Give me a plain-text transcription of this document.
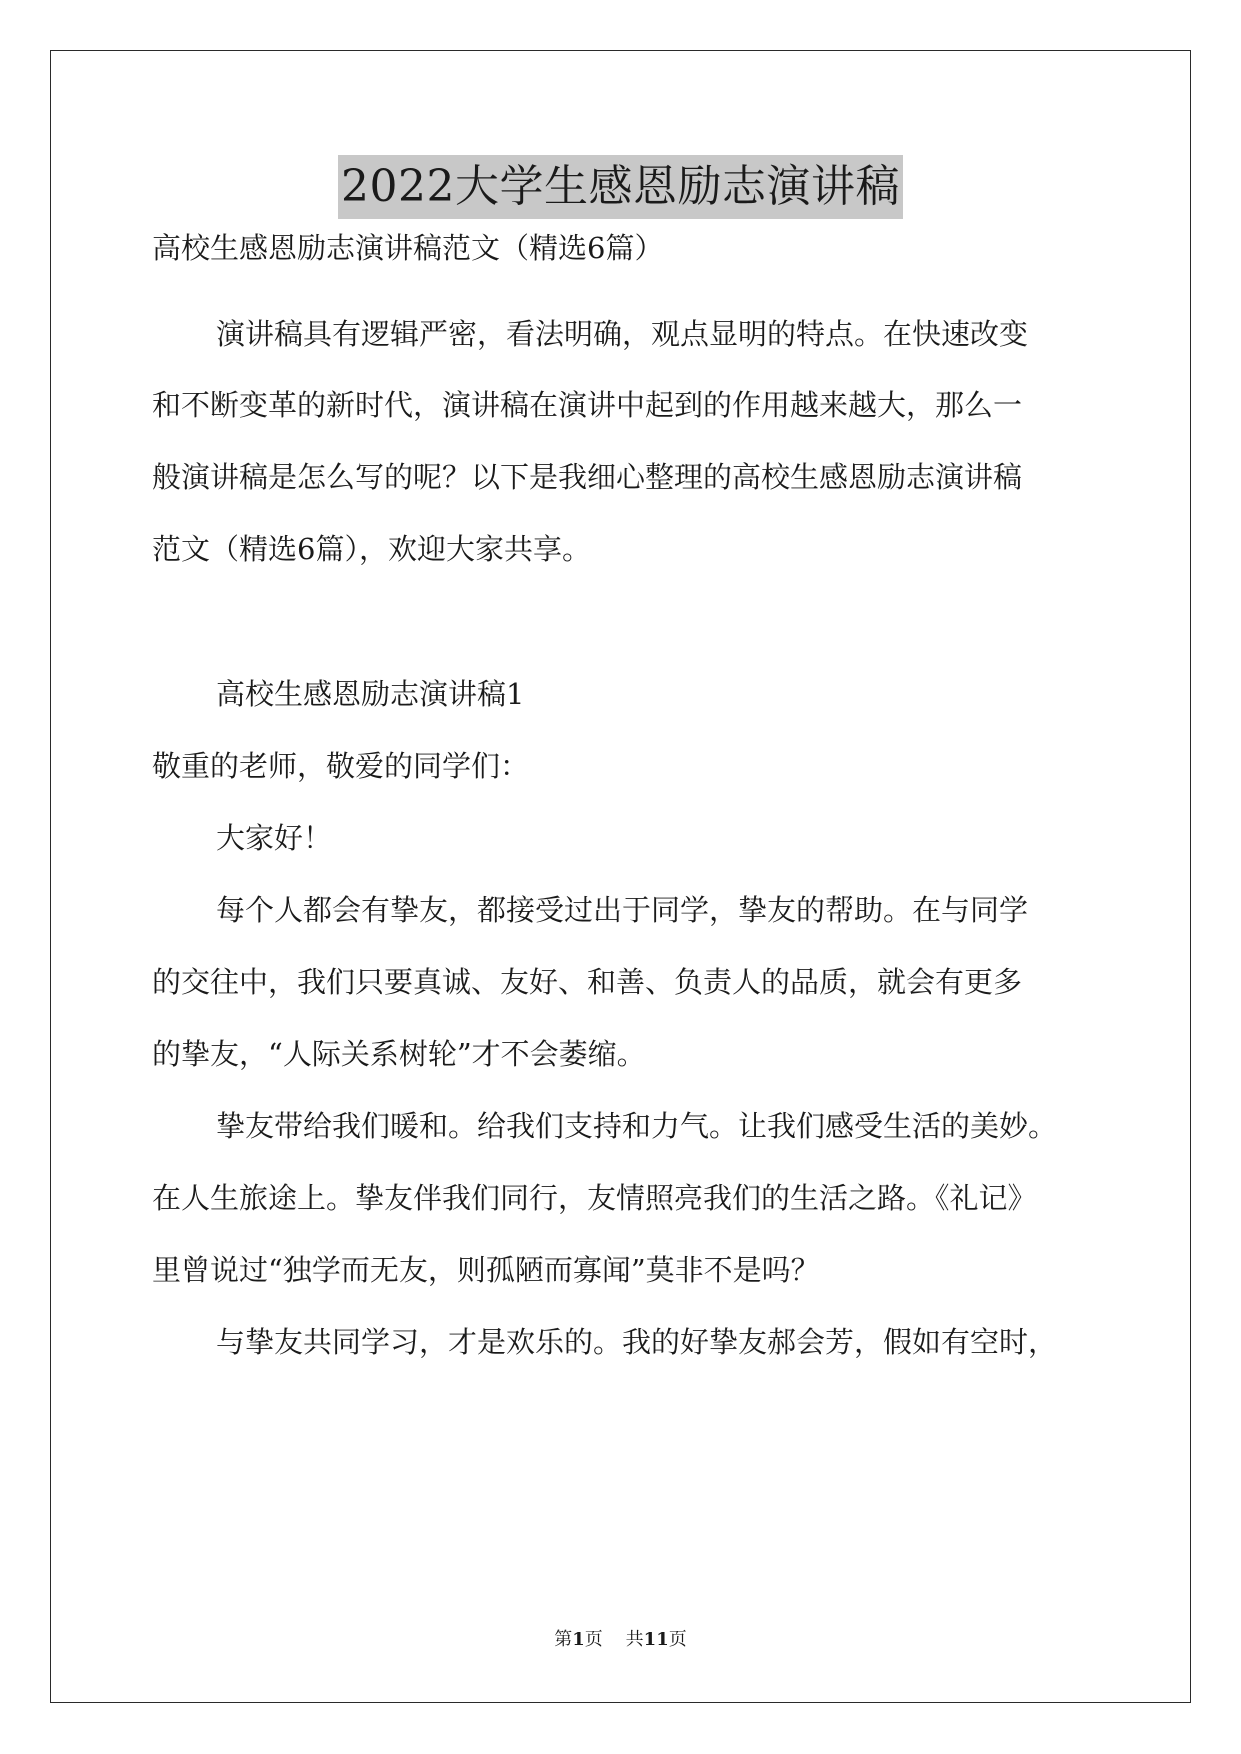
2022大学生感恩励志演讲稿
高校生感恩励志演讲稿范文（精选6篇）
演讲稿具有逻辑严密，看法明确，观点显明的特点。在快速改变
和不断变革的新时代，演讲稿在演讲中起到的作用越来越大，那么一
般演讲稿是怎么写的呢？以下是我细心整理的高校生感恩励志演讲稿
范文（精选6篇），欢迎大家共享。
高校生感恩励志演讲稿1
敬重的老师，敬爱的同学们：
大家好！
每个人都会有挚友，都接受过出于同学，挚友的帮助。在与同学
的交往中，我们只要真诚、友好、和善、负责人的品质，就会有更多
的挚友，“人际关系树轮”才不会萎缩。
挚友带给我们暖和。给我们支持和力气。让我们感受生活的美妙。
在人生旅途上。挚友伴我们同行，友情照亮我们的生活之路。《礼记》
里曾说过“独学而无友，则孤陋而寡闻”莫非不是吗？
与挚友共同学习，才是欢乐的。我的好挚友郝会芳，假如有空时，
第1页 共11页
